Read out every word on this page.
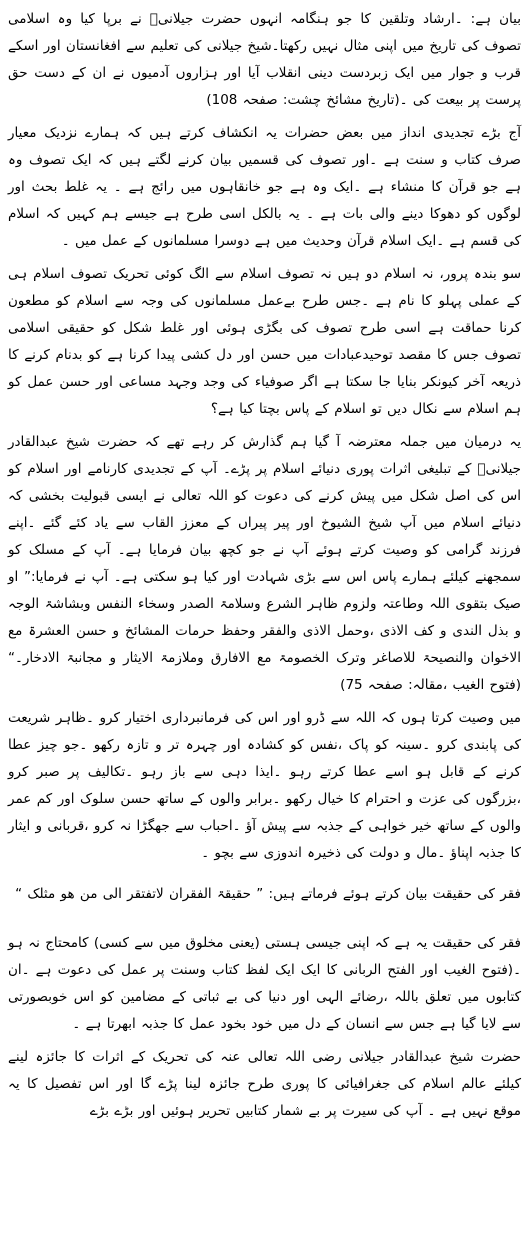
بیان ہے: ۔ارشاد وتلقین کا جو ہنگامہ انہوں حضرت جیلانیؒ نے برپا کیا وہ اسلامی تصوف کی تاریخ میں اپنی مثال نہیں رکھتا۔شیخ جیلانی کی تعلیم سے افغانستان اور اسکے قرب و جوار میں ایک زبردست دینی انقلاب آیا اور ہزاروں آدمیوں نے ان کے دست حق پرست پر بیعت کی ۔(تاریخ مشائخ چشت: صفحہ 108)

آج بڑے تجدیدی انداز میں بعض حضرات یہ انکشاف کرتے ہیں کہ ہمارے نزدیک معیار صرف کتاب و سنت ہے ۔اور تصوف کی قسمیں بیان کرنے لگتے ہیں کہ ایک تصوف وہ ہے جو قرآن کا منشاء ہے ۔ایک وہ ہے جو خانقاہوں میں رائج ہے ۔ یہ غلط بحث اور لوگوں کو دھوکا دینے والی بات ہے ۔ یہ بالکل اسی طرح ہے جیسے ہم کہیں کہ اسلام کی قسم ہے ۔ایک اسلام قرآن وحدیث میں ہے دوسرا مسلمانوں کے عمل میں ۔

سو بندہ پرور، نہ اسلام دو ہیں نہ تصوف اسلام سے الگ کوئی تحریک تصوف اسلام ہی کے عملی پہلو کا نام ہے ۔جس طرح بےعمل مسلمانوں کی وجہ سے اسلام کو مطعون کرنا حماقت ہے اسی طرح تصوف کی بگڑی ہوئی اور غلط شکل کو حقیقی اسلامی تصوف جس کا مقصد توحیدعبادات میں حسن اور دل کشی پیدا کرنا ہے کو بدنام کرنے کا ذریعہ آخر کیونکر بنایا جا سکتا ہے اگر صوفیاء کی وجد وجہد مساعی اور حسن عمل کو ہم اسلام سے نکال دیں تو اسلام کے پاس بچتا کیا ہے؟

یہ درمیان میں جملہ معترضہ آ گیا ہم گذارش کر رہے تھے کہ حضرت شیخ عبدالقادر جیلانیؒ کے تبلیغی اثرات پوری دنیائے اسلام پر پڑے۔ آپ کے تجدیدی کارنامے اور اسلام کو اس کی اصل شکل میں پیش کرنے کی دعوت کو اللہ تعالی نے ایسی قبولیت بخشی کہ دنیائے اسلام میں آپ شیخ الشیوخ اور پیر پیراں کے معزز القاب سے یاد کئے گئے ۔اپنے فرزند گرامی کو وصیت کرتے ہوئے آپ نے جو کچھ بیان فرمایا ہے۔ آپ کے مسلک کو سمجھنے کیلئے ہمارے پاس اس سے بڑی شہادت اور کیا ہو سکتی ہے۔ آپ نے فرمایا:” او صیک بتقوی اللہ وطاعتہ ولزوم ظاہر الشرع وسلامۃ الصدر وسخاء النفس وبشاشۃ الوجہ و بذل الندی و کف الاذی ،وحمل الاذی والفقر وحفظ حرمات المشائخ و حسن العشرۃ مع الاخوان والنصیحۃ للاصاغر وترک الخصومۃ مع الافارق وملازمۃ الایثار و مجانبۃ الادخار۔“ (فتوح الغیب ،مقالہ: صفحہ 75)

میں وصیت کرتا ہوں کہ اللہ سے ڈرو اور اس کی فرمانبرداری اختیار کرو ۔ظاہر شریعت کی پابندی کرو ۔سینہ کو پاک ،نفس کو کشادہ اور چہرہ تر و تازہ رکھو ۔جو چیز عطا کرنے کے قابل ہو اسے عطا کرتے رہو ۔ایذا دہی سے باز رہو ۔تکالیف پر صبر کرو ،بزرگوں کی عزت و احترام کا خیال رکھو ۔برابر والوں کے ساتھ حسن سلوک اور کم عمر والوں کے ساتھ خیر خواہی کے جذبہ سے پیش آؤ ۔احباب سے جھگڑا نہ کرو ،قربانی و ایثار کا جذبہ اپناؤ ۔مال و دولت کی ذخیرہ اندوزی سے بچو ۔

فقر کی حقیقت بیان کرتے ہوئے فرماتے ہیں: ” حقیقۃ الفقران لاتفتقر الی من ھو مثلک “

فقر کی حقیقت یہ ہے کہ اپنی جیسی ہستی (یعنی مخلوق میں سے کسی) کامحتاج نہ ہو ۔(فتوح الغیب اور الفتح الربانی کا ایک ایک لفظ کتاب وسنت پر عمل کی دعوت ہے ۔ان کتابوں میں تعلق باللہ ،رضائے الہی اور دنیا کی بے ثباتی کے مضامین کو اس خوبصورتی سے لایا گیا ہے جس سے انسان کے دل میں خود بخود عمل کا جذبہ ابھرتا ہے ۔

حضرت شیخ عبدالقادر جیلانی رضی اللہ تعالی عنہ کی تحریک کے اثرات کا جائزہ لینے کیلئے عالم اسلام کی جغرافیائی کا پوری طرح جائزہ لینا پڑے گا اور اس تفصیل کا یہ موقع نہیں ہے ۔ آپ کی سیرت پر بے شمار کتابیں تحریر ہوئیں اور بڑے بڑے
